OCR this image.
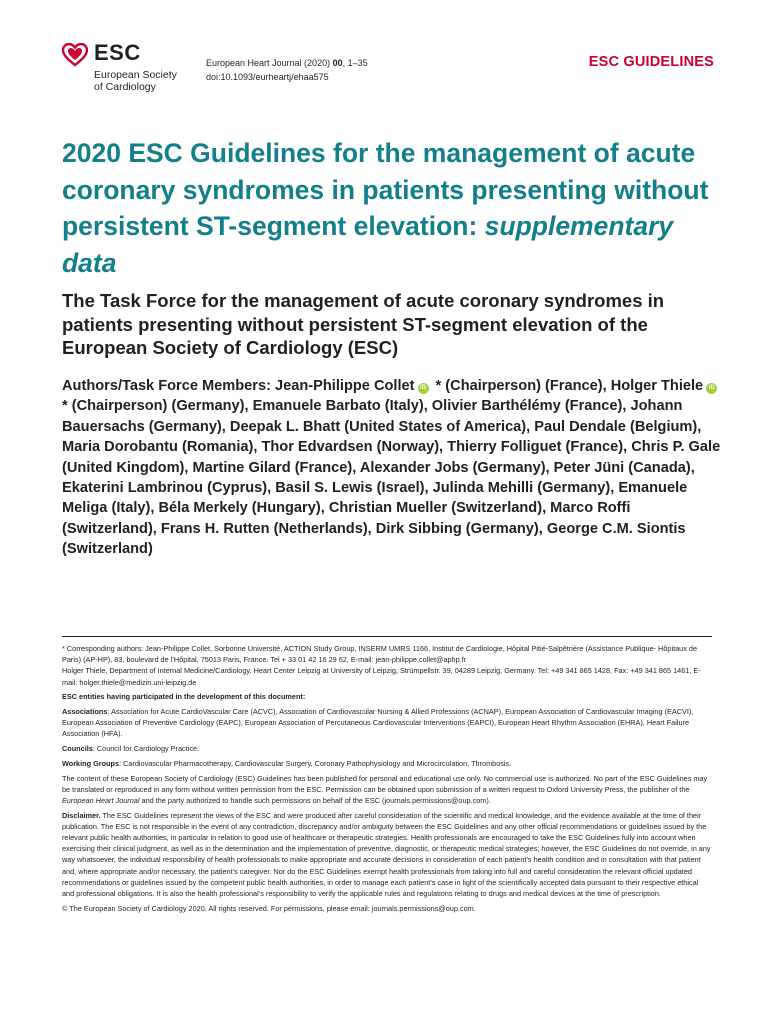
ESC
European Society
of Cardiology
European Heart Journal (2020) 00, 1–35
doi:10.1093/eurheartj/ehaa575
ESC GUIDELINES
2020 ESC Guidelines for the management of acute coronary syndromes in patients presenting without persistent ST-segment elevation: supplementary data
The Task Force for the management of acute coronary syndromes in patients presenting without persistent ST-segment elevation of the European Society of Cardiology (ESC)

Authors/Task Force Members: Jean-Philippe Collet iD * (Chairperson) (France), Holger Thiele iD * (Chairperson) (Germany), Emanuele Barbato (Italy), Olivier Barthélémy (France), Johann Bauersachs (Germany), Deepak L. Bhatt (United States of America), Paul Dendale (Belgium), Maria Dorobantu (Romania), Thor Edvardsen (Norway), Thierry Folliguet (France), Chris P. Gale (United Kingdom), Martine Gilard (France), Alexander Jobs (Germany), Peter Jüni (Canada), Ekaterini Lambrinou (Cyprus), Basil S. Lewis (Israel), Julinda Mehilli (Germany), Emanuele Meliga (Italy), Béla Merkely (Hungary), Christian Mueller (Switzerland), Marco Roffi (Switzerland), Frans H. Rutten (Netherlands), Dirk Sibbing (Germany), George C.M. Siontis (Switzerland)

* Corresponding authors: Jean-Philippe Collet, Sorbonne Université, ACTION Study Group, INSERM UMRS 1166, Institut de Cardiologie, Hôpital Pitié-Salpêtrière (Assistance Publique- Hôpitaux de Paris) (AP-HP), 83, boulevard de l’Hôpital, 75013 Paris, France. Tel + 33 01 42 16 29 62, E-mail: jean-philippe.collet@aphp.fr
Holger Thiele, Department of Internal Medicine/Cardiology, Heart Center Leipzig at University of Leipzig, Strümpellstr. 39, 04289 Leipzig, Germany. Tel: +49 341 865 1428, Fax: +49 341 865 1461, E-mail: holger.thiele@medizin.uni-leipzig.de

ESC entities having participated in the development of this document:

Associations: Association for Acute CardioVascular Care (ACVC), Association of Cardiovascular Nursing & Allied Professions (ACNAP), European Association of Cardiovascular Imaging (EACVI), European Association of Preventive Cardiology (EAPC), European Association of Percutaneous Cardiovascular Interventions (EAPCI), European Heart Rhythm Association (EHRA), Heart Failure Association (HFA).

Councils: Council for Cardiology Practice.

Working Groups: Cardiovascular Pharmacotherapy, Cardiovascular Surgery, Coronary Pathophysiology and Microcirculation, Thrombosis.

The content of these European Society of Cardiology (ESC) Guidelines has been published for personal and educational use only. No commercial use is authorized. No part of the ESC Guidelines may be translated or reproduced in any form without written permission from the ESC. Permission can be obtained upon submission of a written request to Oxford University Press, the publisher of the European Heart Journal and the party authorized to handle such permissions on behalf of the ESC (journals.permissions@oup.com).

Disclaimer. The ESC Guidelines represent the views of the ESC and were produced after careful consideration of the scientific and medical knowledge, and the evidence available at the time of their publication. The ESC is not responsible in the event of any contradiction, discrepancy and/or ambiguity between the ESC Guidelines and any other official recommendations or guidelines issued by the relevant public health authorities, in particular in relation to good use of healthcare or therapeutic strategies. Health professionals are encouraged to take the ESC Guidelines fully into account when exercising their clinical judgment, as well as in the determination and the implementation of preventive, diagnostic, or therapeutic medical strategies; however, the ESC Guidelines do not override, in any way whatsoever, the individual responsibility of health professionals to make appropriate and accurate decisions in consideration of each patient’s health condition and in consultation with that patient and, where appropriate and/or necessary, the patient’s caregiver. Nor do the ESC Guidelines exempt health professionals from taking into full and careful consideration the relevant official updated recommendations or guidelines issued by the competent public health authorities, in order to manage each patient’s case in light of the scientifically accepted data pursuant to their respective ethical and professional obligations. It is also the health professional’s responsibility to verify the applicable rules and regulations relating to drugs and medical devices at the time of prescription.

© The European Society of Cardiology 2020. All rights reserved. For permissions, please email: journals.permissions@oup.com.
